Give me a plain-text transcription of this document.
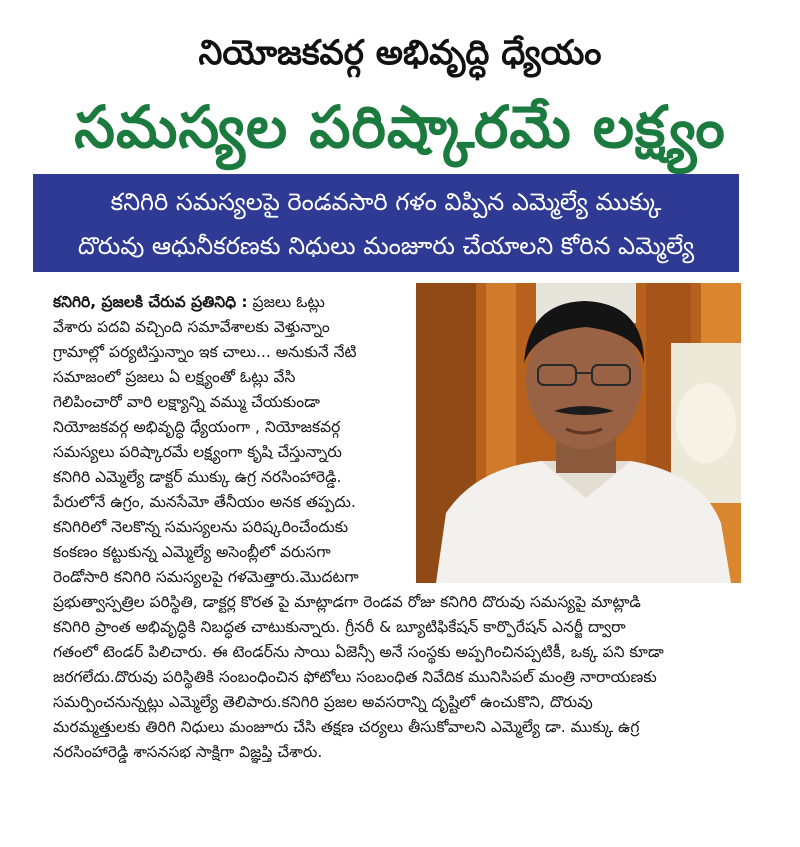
నియోజకవర్గ అభివృద్ధి ధ్యేయం
సమస్యల పరిష్కారమే లక్ష్యం
కనిగిరి సమస్యలపై రెండవసారి గళం విప్పిన ఎమ్మెల్యే ముక్కు
దొరువు ఆధునీకరణకు నిధులు మంజూరు చేయాలని కోరిన ఎమ్మెల్యే
కనిగిరి, ప్రజలకి చేరువ ప్రతినిధి : ప్రజలు ఓట్లు
వేశారు పదవి వచ్చింది సమావేశాలకు వెళ్తున్నాం
గ్రామాల్లో పర్యటిస్తున్నాం ఇక చాలు... అనుకునే నేటి
సమాజంలో ప్రజలు ఏ లక్ష్యంతో ఓట్లు వేసి
గెలిపించారో వారి లక్ష్యాన్ని వమ్ము చేయకుండా
నియోజకవర్గ అభివృద్ధి ధ్యేయంగా , నియోజకవర్గ
సమస్యలు పరిష్కారమే లక్ష్యంగా కృషి చేస్తున్నారు
కనిగిరి ఎమ్మెల్యే డాక్టర్ ముక్కు ఉగ్ర నరసింహారెడ్డి.
పేరులోనే ఉగ్రం, మనసేమో తేనీయం అనక తప్పదు.
కనిగిరిలో నెలకొన్న సమస్యలను పరిష్కరించేందుకు
కంకణం కట్టుకున్న ఎమ్మెల్యే అసెంబ్లీలో వరుసగా
రెండోసారి కనిగిరి సమస్యలపై గళమెత్తారు.మొదటగా
ప్రభుత్వాస్పత్రిల పరిస్థితి, డాక్టర్ల కొరత పై మాట్లాడగా రెండవ రోజు కనిగిరి దొరువు సమస్యపై మాట్లాడి
కనిగిరి ప్రాంత అభివృద్ధికి నిబద్ధత చాటుకున్నారు. గ్రీనరీ & బ్యూటిఫికేషన్ కార్పొరేషన్ ఎనర్జీ ద్వారా
గతంలో టెండర్ పిలిచారు. ఈ టెండర్‌ను సాయి ఏజెన్సీ అనే సంస్థకు అప్పగించినప్పటికీ, ఒక్క పని కూడా
జరగలేదు.దొరువు పరిస్థితికి సంబంధించిన ఫోటోలు సంబంధిత నివేదిక మునిసిపల్ మంత్రి నారాయణకు
సమర్పించనున్నట్లు ఎమ్మెల్యే తెలిపారు.కనిగిరి ప్రజల అవసరాన్ని దృష్టిలో ఉంచుకొని, దొరువు
మరమ్మత్తులకు తిరిగి నిధులు మంజూరు చేసి తక్షణ చర్యలు తీసుకోవాలని ఎమ్మెల్యే డా. ముక్కు ఉగ్ర
నరసింహారెడ్డి శాసనసభ సాక్షిగా విజ్ఞప్తి చేశారు.
